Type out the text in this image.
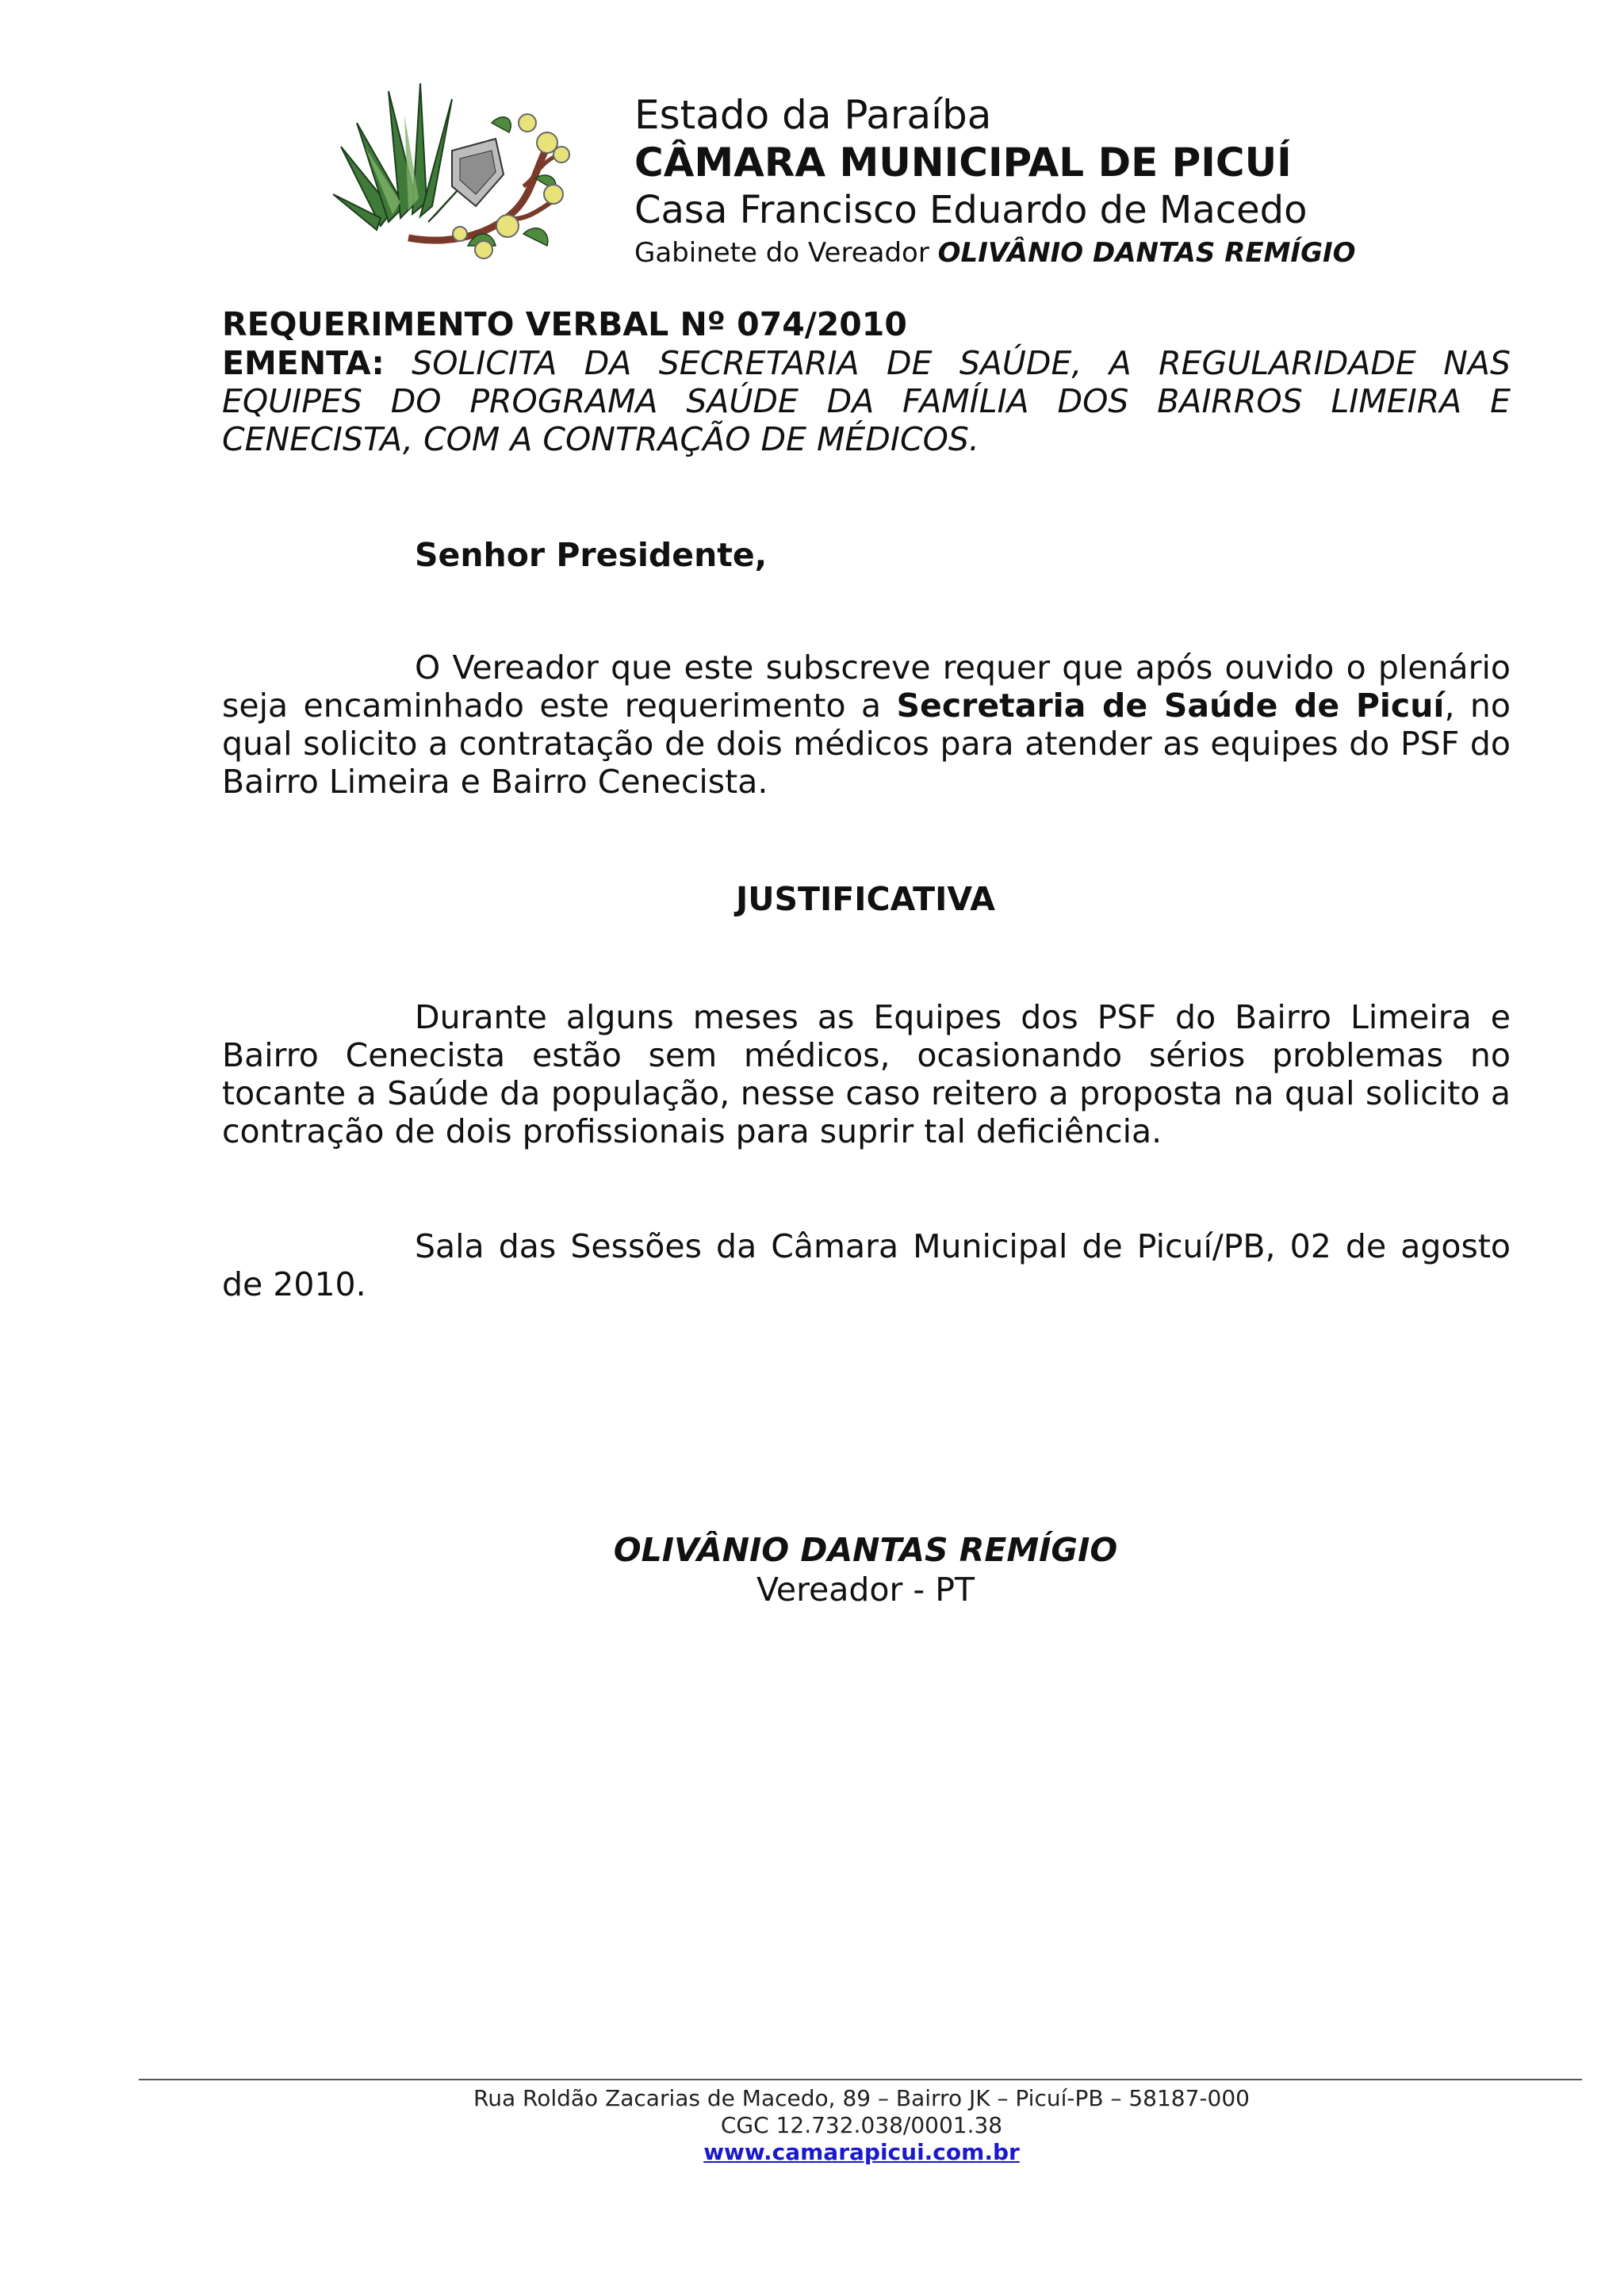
Estado da Paraíba
CÂMARA MUNICIPAL DE PICUÍ
Casa Francisco Eduardo de Macedo
Gabinete do Vereador OLIVÂNIO DANTAS REMÍGIO
REQUERIMENTO VERBAL Nº 074/2010
EMENTA: SOLICITA DA SECRETARIA DE SAÚDE, A REGULARIDADE NAS EQUIPES DO PROGRAMA SAÚDE DA FAMÍLIA DOS BAIRROS LIMEIRA E CENECISTA, COM A CONTRAÇÃO DE MÉDICOS.
Senhor Presidente,
O Vereador que este subscreve requer que após ouvido o plenário seja encaminhado este requerimento a Secretaria de Saúde de Picuí, no qual solicito a contratação de dois médicos para atender as equipes do PSF do Bairro Limeira e Bairro Cenecista.
JUSTIFICATIVA
Durante alguns meses as Equipes dos PSF do Bairro Limeira e Bairro Cenecista estão sem médicos, ocasionando sérios problemas no tocante a Saúde da população, nesse caso reitero a proposta na qual solicito a contração de dois profissionais para suprir tal deficiência.
Sala das Sessões da Câmara Municipal de Picuí/PB, 02 de agosto de 2010.
OLIVÂNIO DANTAS REMÍGIO
Vereador - PT
Rua Roldão Zacarias de Macedo, 89 – Bairro JK – Picuí-PB – 58187-000
CGC 12.732.038/0001.38
www.camarapicui.com.br
